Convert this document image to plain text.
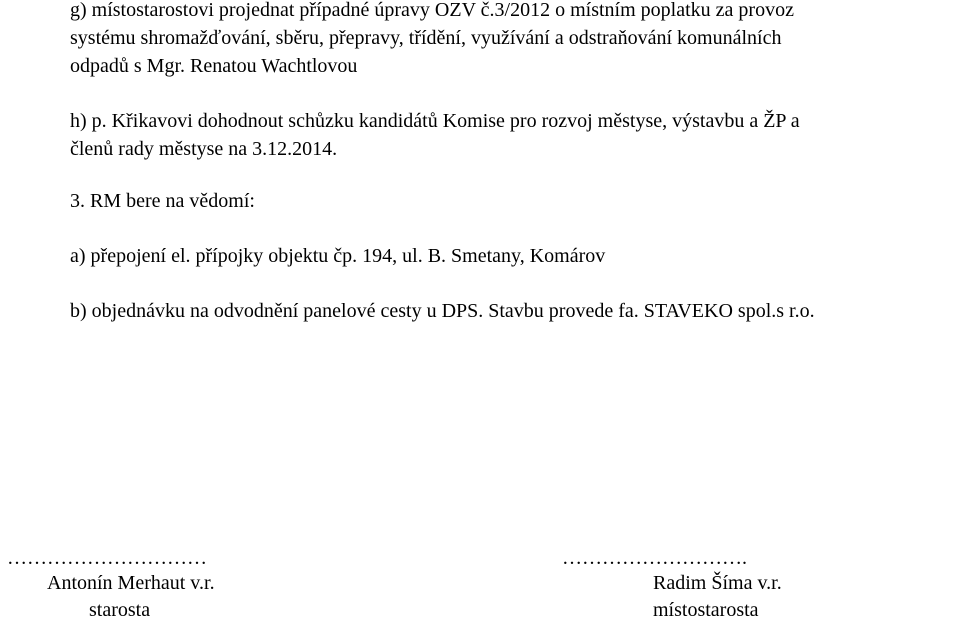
g) místostarostovi projednat případné úpravy OZV č.3/2012 o místním poplatku za provoz
systému shromažďování, sběru, přepravy, třídění, využívání a odstraňování komunálních
odpadů s Mgr. Renatou Wachtlovou
h) p. Křikavovi dohodnout schůzku kandidátů Komise pro rozvoj městyse, výstavbu a ŽP a
členů rady městyse na 3.12.2014.
3. RM bere na vědomí:
a) přepojení el. přípojky objektu čp. 194, ul. B. Smetany, Komárov
b) objednávku na odvodnění panelové cesty u DPS. Stavbu provede fa. STAVEKO spol.s r.o.
…………………………
Antonín Merhaut v.r.
starosta
……………………….
Radim Šíma v.r.
místostarosta
